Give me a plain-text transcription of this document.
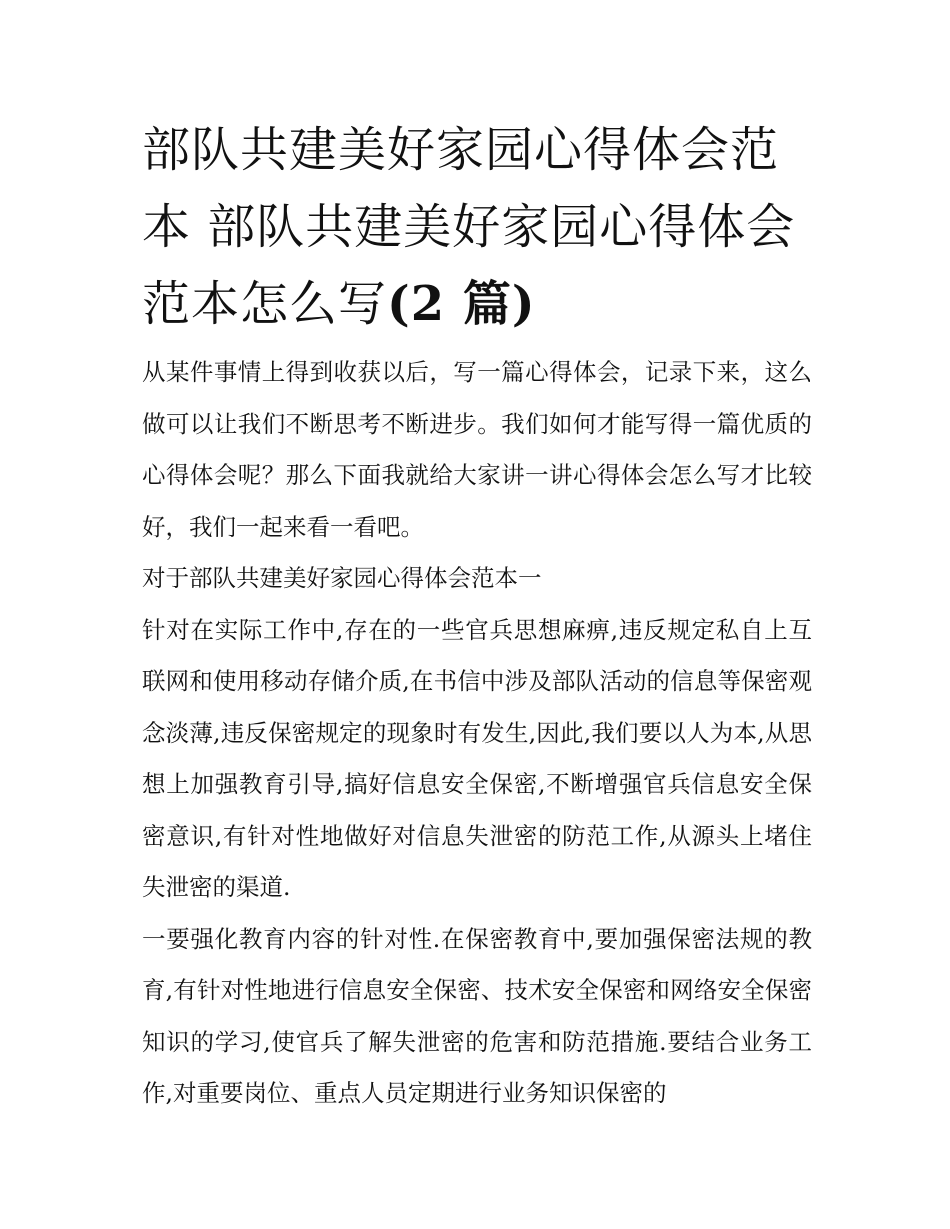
部队共建美好家园心得体会范
本 部队共建美好家园心得体会
范本怎么写(2 篇)

从某件事情上得到收获以后，写一篇心得体会，记录下来，这么做可以让我们不断思考不断进步。我们如何才能写得一篇优质的心得体会呢？那么下面我就给大家讲一讲心得体会怎么写才比较好，我们一起来看一看吧。

对于部队共建美好家园心得体会范本一

针对在实际工作中,存在的一些官兵思想麻痹,违反规定私自上互联网和使用移动存储介质,在书信中涉及部队活动的信息等保密观念淡薄,违反保密规定的现象时有发生,因此,我们要以人为本,从思想上加强教育引导,搞好信息安全保密,不断增强官兵信息安全保密意识,有针对性地做好对信息失泄密的防范工作,从源头上堵住失泄密的渠道.

一要强化教育内容的针对性.在保密教育中,要加强保密法规的教育,有针对性地进行信息安全保密、技术安全保密和网络安全保密知识的学习,使官兵了解失泄密的危害和防范措施.要结合业务工作,对重要岗位、重点人员定期进行业务知识保密的
